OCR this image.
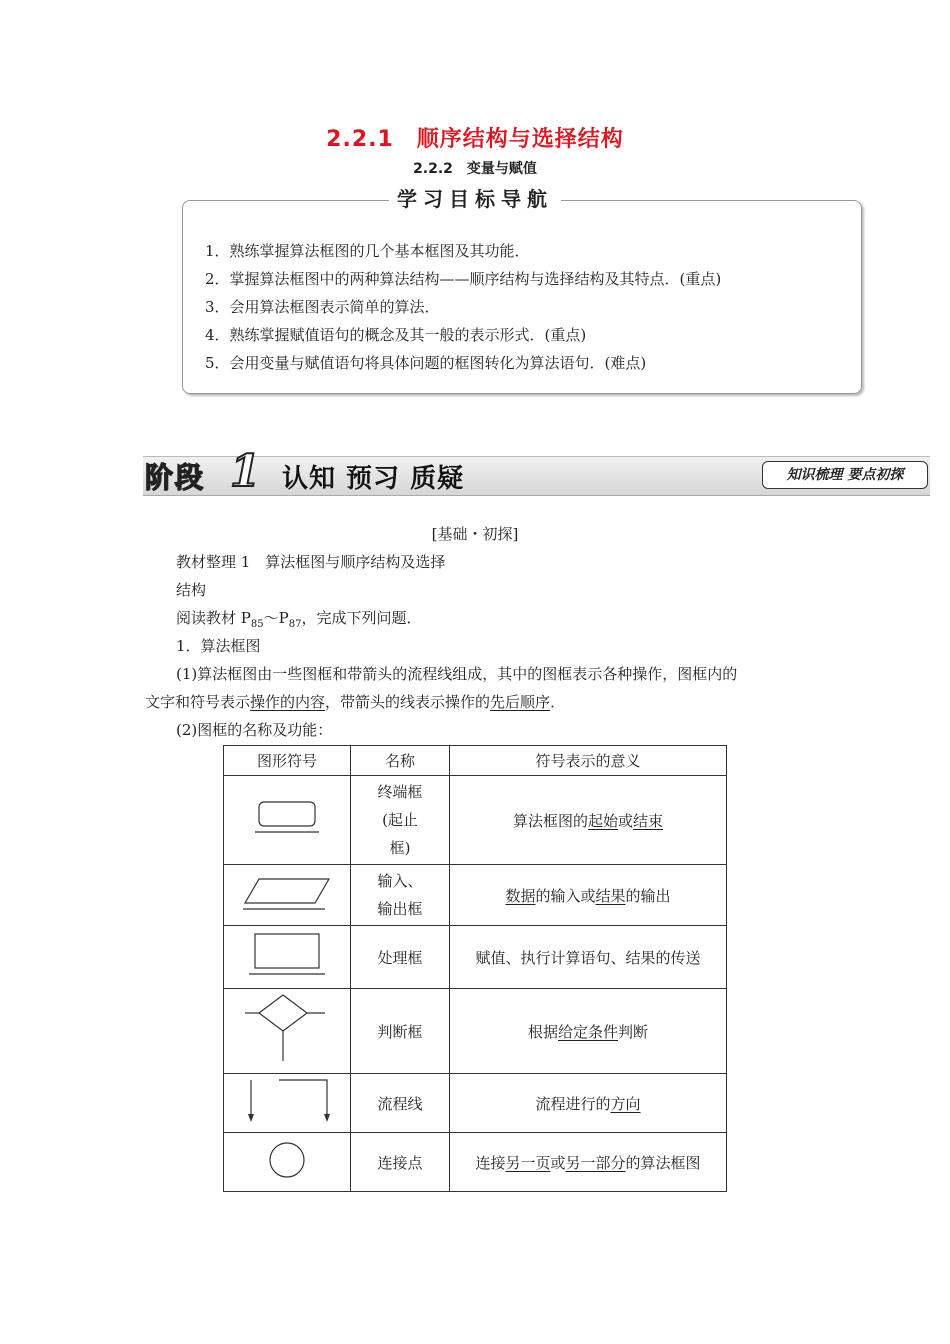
2.2.1　顺序结构与选择结构
2.2.2　变量与赋值
学习目标导航
1．熟练掌握算法框图的几个基本框图及其功能．
2．掌握算法框图中的两种算法结构——顺序结构与选择结构及其特点．(重点)
3．会用算法框图表示简单的算法．
4．熟练掌握赋值语句的概念及其一般的表示形式．(重点)
5．会用变量与赋值语句将具体问题的框图转化为算法语句．(难点)
阶段 1 认知 预习 质疑	知识梳理 要点初探
[基础・初探]
教材整理 1　算法框图与顺序结构及选择
结构
阅读教材 $P_{85}\sim P_{87}$，完成下列问题．
1．算法框图
(1)算法框图由一些图框和带箭头的流程线组成，其中的图框表示各种操作，图框内的
文字和符号表示操作的内容，带箭头的线表示操作的先后顺序．
(2)图框的名称及功能：
图形符号	名称	符号表示的意义
	终端框
(起止
框)	算法框图的起始或结束
	输入、
输出框	数据的输入或结果的输出
	处理框	赋值、执行计算语句、结果的传送
	判断框	根据给定条件判断
	流程线	流程进行的方向
	连接点	连接另一页或另一部分的算法框图
